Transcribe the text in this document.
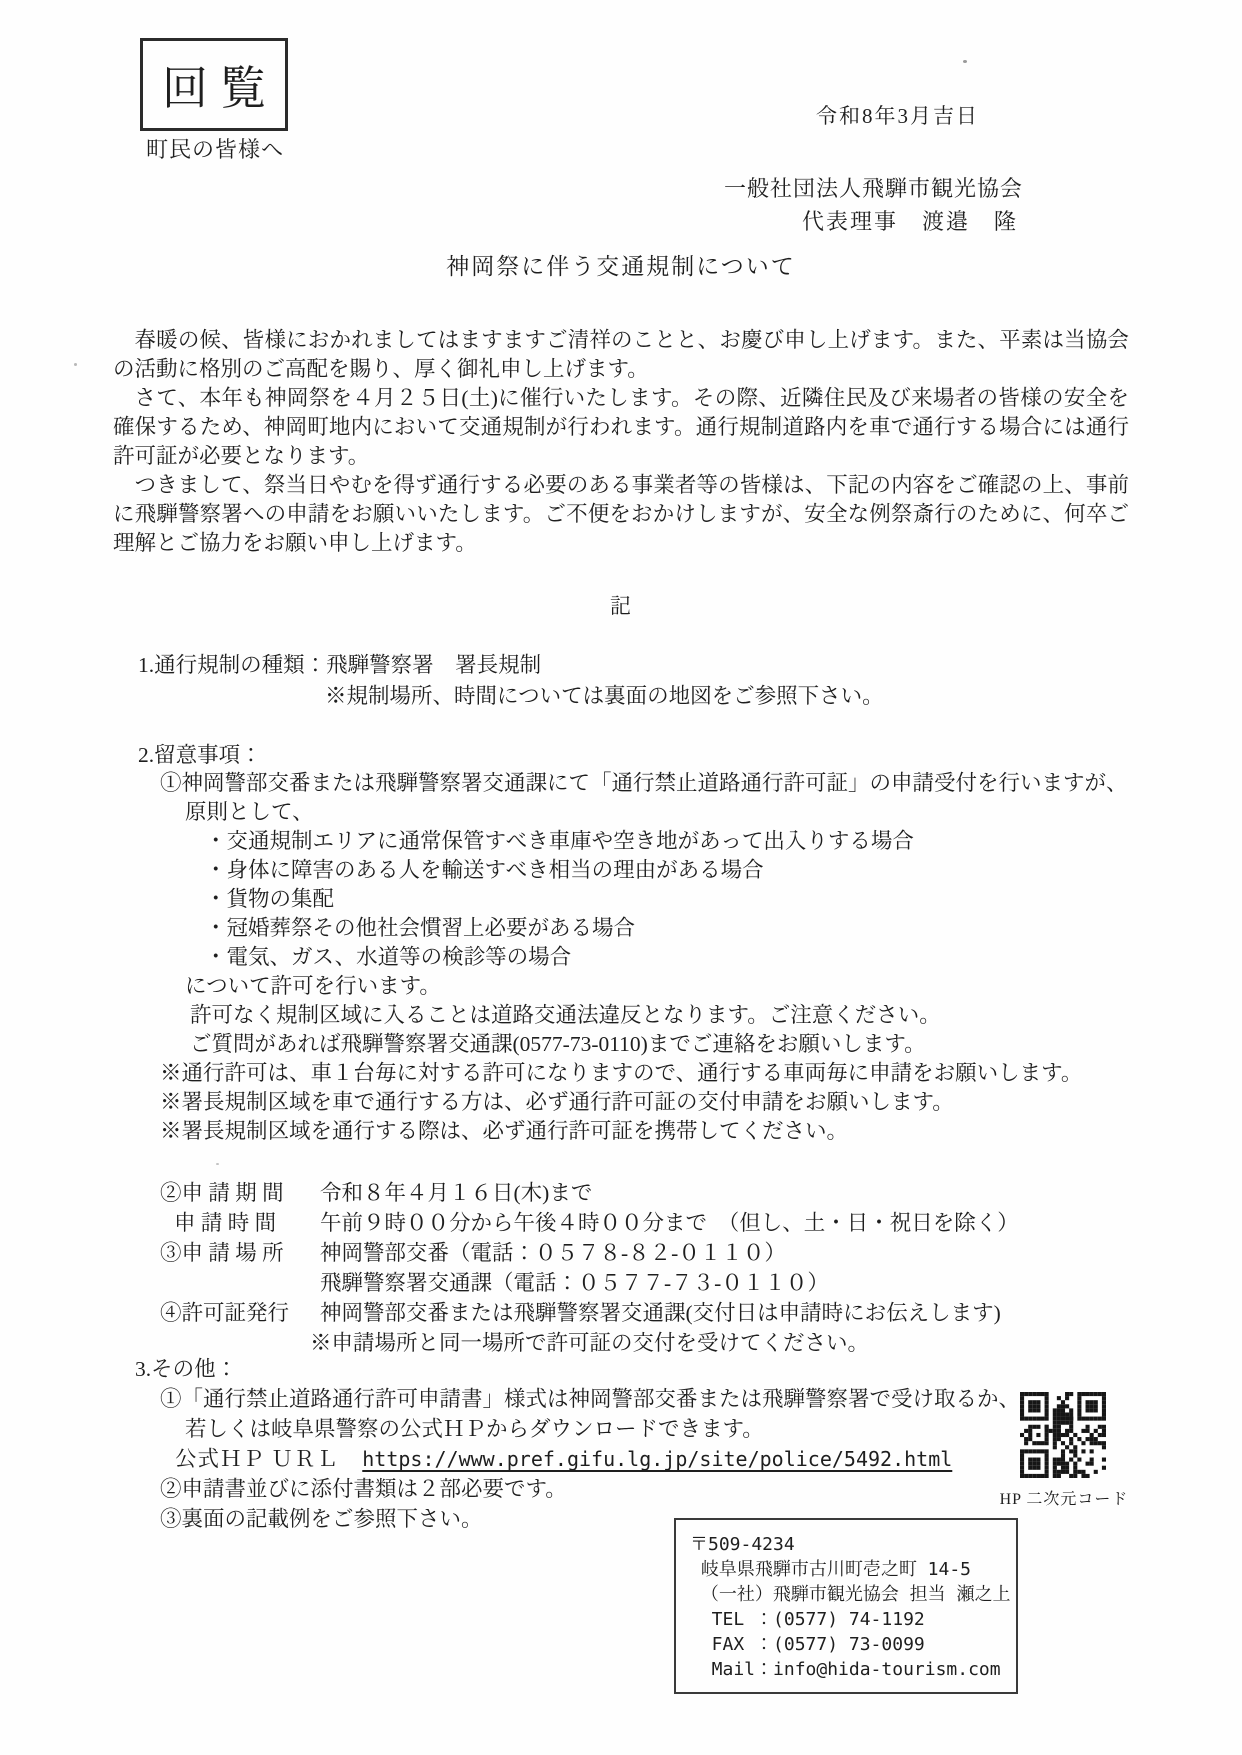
回覧
町民の皆様へ
令和8年3月吉日
一般社団法人飛騨市観光協会
代表理事　渡邉　隆
神岡祭に伴う交通規制について

春暖の候、皆様におかれましてはますますご清祥のことと、お慶び申し上げます。また、平素は当協会の活動に格別のご高配を賜り、厚く御礼申し上げます。

さて、本年も神岡祭を４月２５日(土)に催行いたします。その際、近隣住民及び来場者の皆様の安全を確保するため、神岡町地内において交通規制が行われます。通行規制道路内を車で通行する場合には通行許可証が必要となります。

つきまして、祭当日やむを得ず通行する必要のある事業者等の皆様は、下記の内容をご確認の上、事前に飛騨警察署への申請をお願いいたします。ご不便をおかけしますが、安全な例祭斎行のために、何卒ご理解とご協力をお願い申し上げます。

記
1.通行規制の種類：飛騨警察署　署長規制
※規制場所、時間については裏面の地図をご参照下さい。
2.留意事項：
①神岡警部交番または飛騨警察署交通課にて「通行禁止道路通行許可証」の申請受付を行いますが、
原則として、
・交通規制エリアに通常保管すべき車庫や空き地があって出入りする場合
・身体に障害のある人を輸送すべき相当の理由がある場合
・貨物の集配
・冠婚葬祭その他社会慣習上必要がある場合
・電気、ガス、水道等の検診等の場合
について許可を行います。
許可なく規制区域に入ることは道路交通法違反となります。ご注意ください。
ご質問があれば飛騨警察署交通課(0577-73-0110)までご連絡をお願いします。
※通行許可は、車１台毎に対する許可になりますので、通行する車両毎に申請をお願いします。
※署長規制区域を車で通行する方は、必ず通行許可証の交付申請をお願いします。
※署長規制区域を通行する際は、必ず通行許可証を携帯してください。
②申 請 期 間	令和８年４月１６日(木)まで
申 請 時 間	午前９時００分から午後４時００分まで　（但し、土・日・祝日を除く）
③申 請 場 所	神岡警部交番（電話：０５７８-８２-０１１０）
飛騨警察署交通課（電話：０５７７-７３-０１１０）
④許可証発行	神岡警部交番または飛騨警察署交通課(交付日は申請時にお伝えします)
※申請場所と同一場所で許可証の交付を受けてください。
3.その他：
①「通行禁止道路通行許可申請書」様式は神岡警部交番または飛騨警察署で受け取るか、
若しくは岐阜県警察の公式ＨＰからダウンロードできます。
公式ＨＰ ＵＲＬ https://www.pref.gifu.lg.jp/site/police/5492.html
②申請書並びに添付書類は２部必要です。
③裏面の記載例をご参照下さい。
HP 二次元コード
〒509-4234
岐阜県飛騨市古川町壱之町 14-5
（一社）飛騨市観光協会 担当 瀬之上
TEL ：(0577) 74-1192
FAX ：(0577) 73-0099
Mail：info@hida-tourism.com
